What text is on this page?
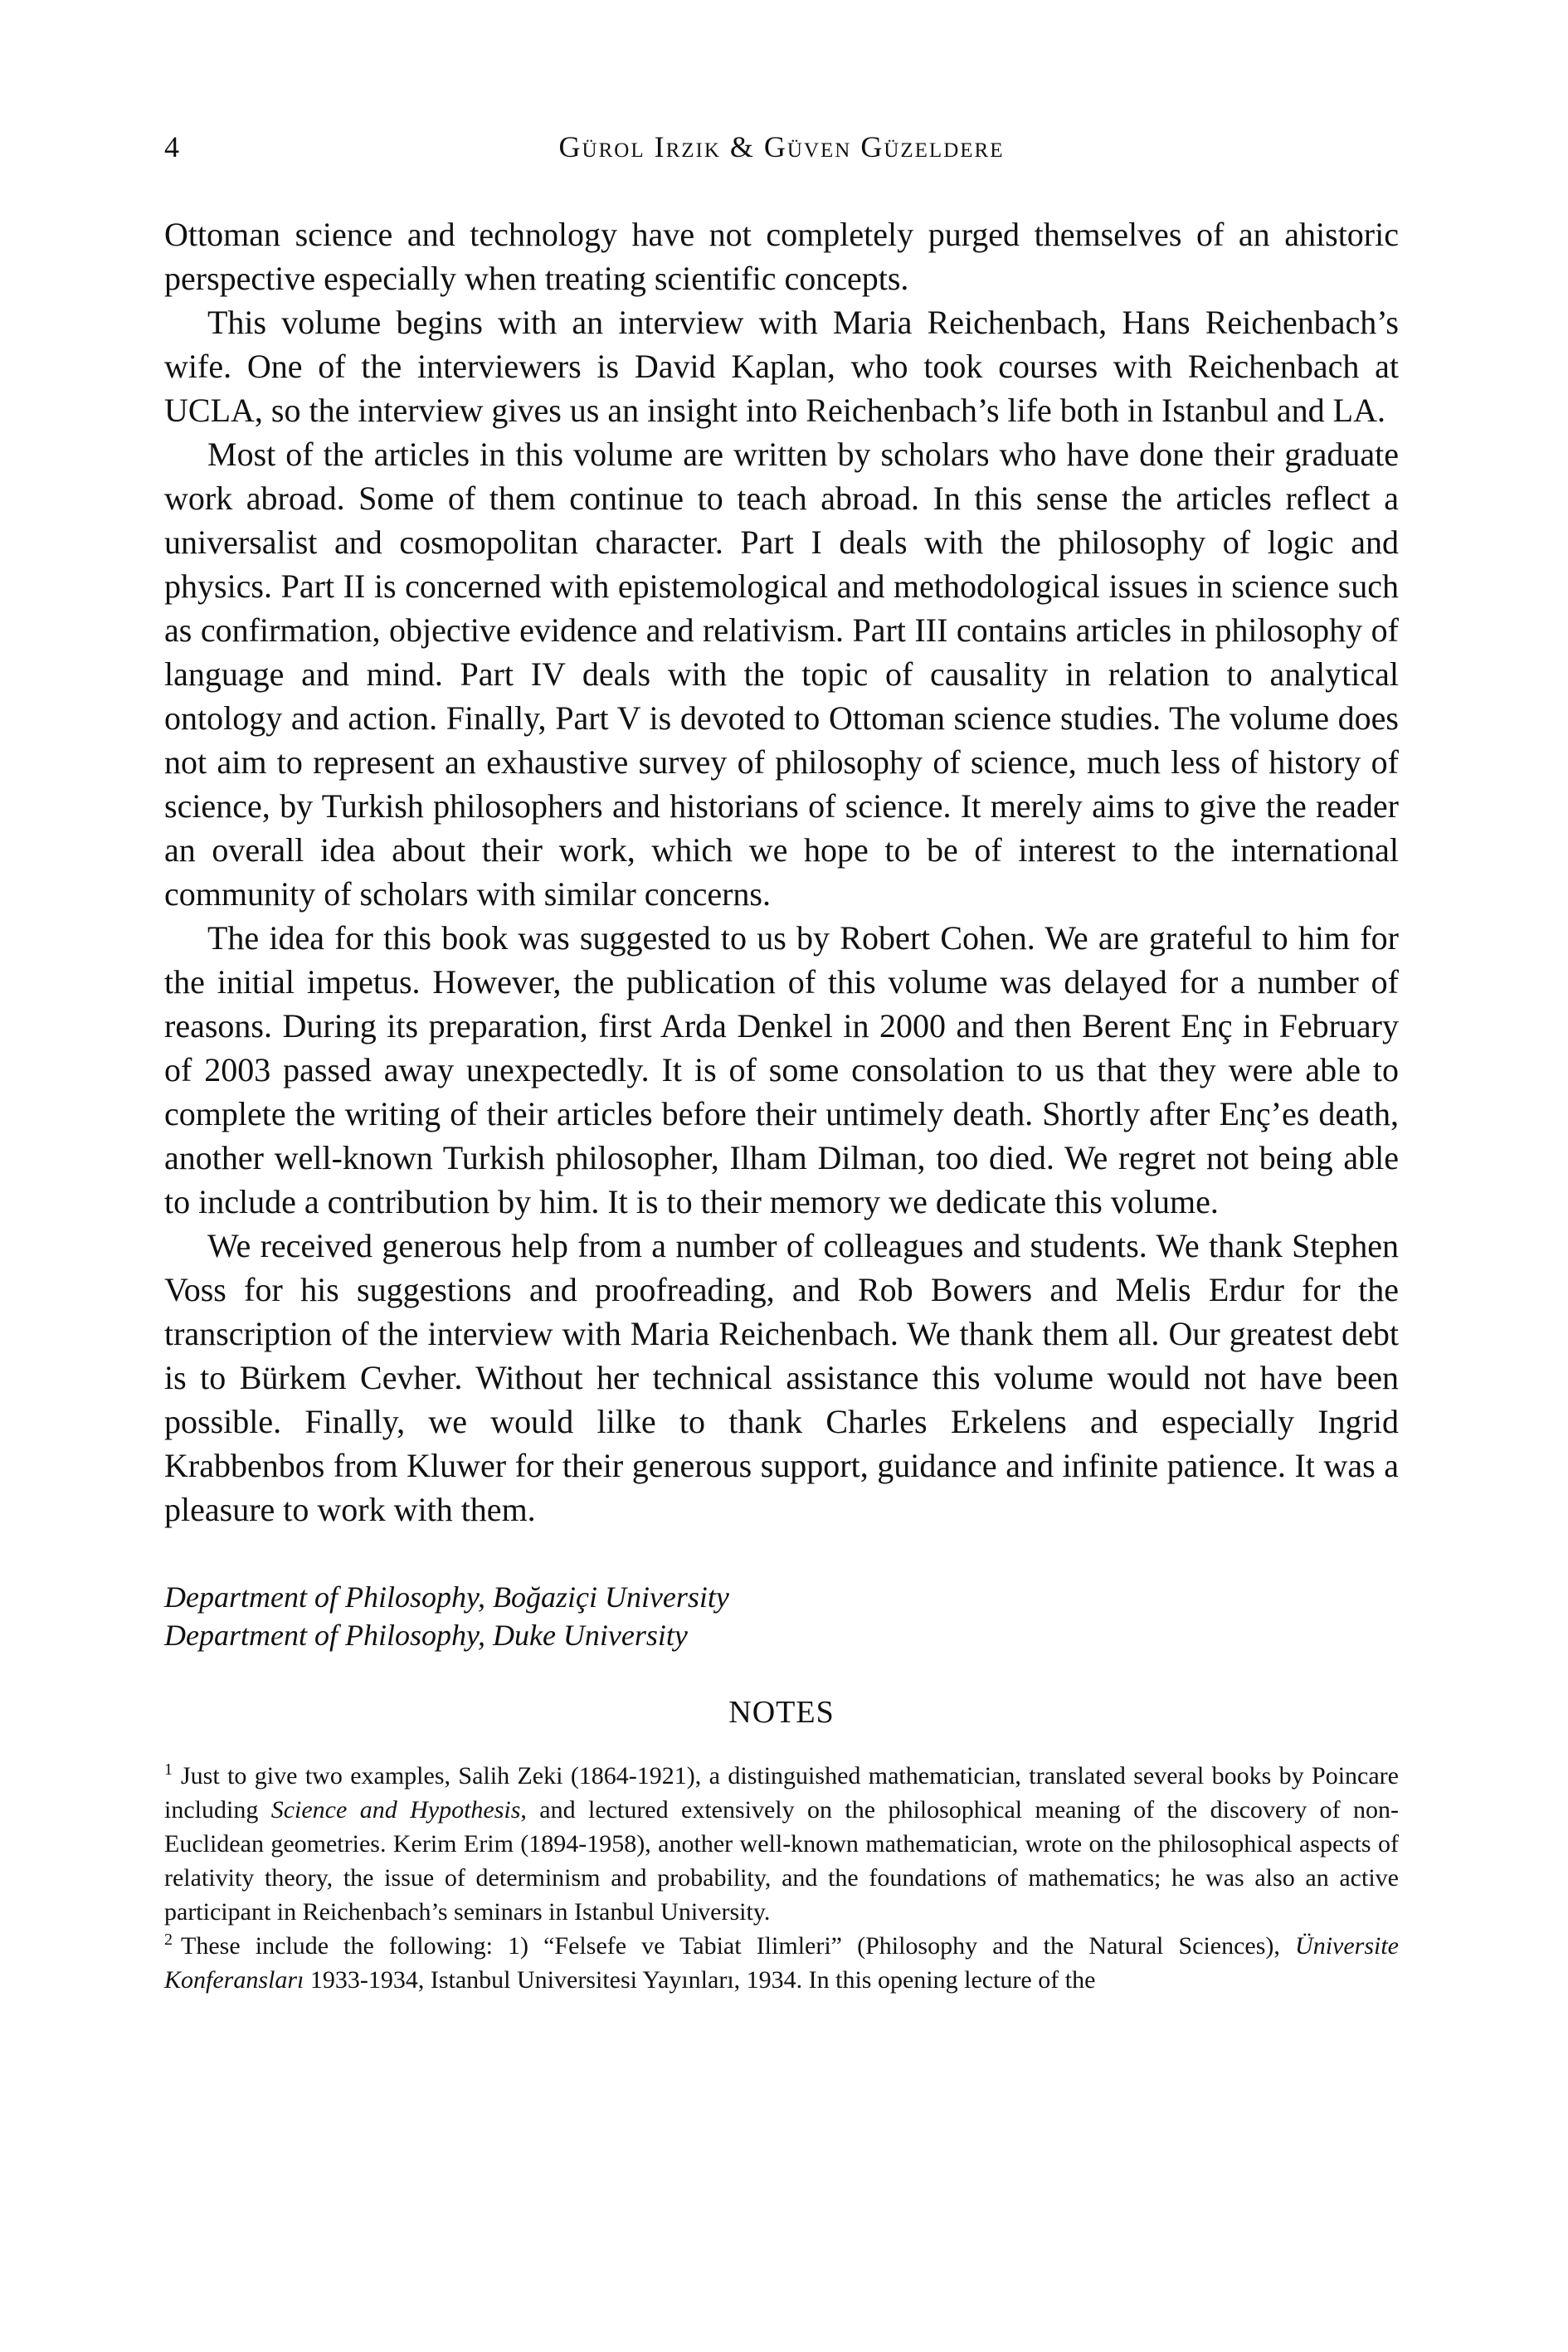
4	Gürol Irzik & Güven Güzeldere

Ottoman science and technology have not completely purged themselves of an ahistoric perspective especially when treating scientific concepts.

This volume begins with an interview with Maria Reichenbach, Hans Reichenbach’s wife. One of the interviewers is David Kaplan, who took courses with Reichenbach at UCLA, so the interview gives us an insight into Reichenbach’s life both in Istanbul and LA.

Most of the articles in this volume are written by scholars who have done their graduate work abroad. Some of them continue to teach abroad. In this sense the articles reflect a universalist and cosmopolitan character. Part I deals with the philosophy of logic and physics. Part II is concerned with epistemological and methodological issues in science such as confirmation, objective evidence and relativism. Part III contains articles in philosophy of language and mind. Part IV deals with the topic of causality in relation to analytical ontology and action. Finally, Part V is devoted to Ottoman science studies. The volume does not aim to represent an exhaustive survey of philosophy of science, much less of history of science, by Turkish philosophers and historians of science. It merely aims to give the reader an overall idea about their work, which we hope to be of interest to the international community of scholars with similar concerns.

The idea for this book was suggested to us by Robert Cohen. We are grateful to him for the initial impetus. However, the publication of this volume was delayed for a number of reasons. During its preparation, first Arda Denkel in 2000 and then Berent Enç in February of 2003 passed away unexpectedly. It is of some consolation to us that they were able to complete the writing of their articles before their untimely death. Shortly after Enç’es death, another well-known Turkish philosopher, Ilham Dilman, too died. We regret not being able to include a contribution by him. It is to their memory we dedicate this volume.

We received generous help from a number of colleagues and students. We thank Stephen Voss for his suggestions and proofreading, and Rob Bowers and Melis Erdur for the transcription of the interview with Maria Reichenbach. We thank them all. Our greatest debt is to Bürkem Cevher. Without her technical assistance this volume would not have been possible. Finally, we would lilke to thank Charles Erkelens and especially Ingrid Krabbenbos from Kluwer for their generous support, guidance and infinite patience. It was a pleasure to work with them.

Department of Philosophy, Boğaziçi University
Department of Philosophy, Duke University
NOTES

$^1$ Just to give two examples, Salih Zeki (1864-1921), a distinguished mathematician, translated several books by Poincare including Science and Hypothesis, and lectured extensively on the philosophical meaning of the discovery of non-Euclidean geometries. Kerim Erim (1894-1958), another well-known mathematician, wrote on the philosophical aspects of relativity theory, the issue of determinism and probability, and the foundations of mathematics; he was also an active participant in Reichenbach’s seminars in Istanbul University.

$^2$ These include the following: 1) “Felsefe ve Tabiat Ilimleri” (Philosophy and the Natural Sciences), Üniversite Konferansları 1933-1934, Istanbul Universitesi Yayınları, 1934. In this opening lecture of the
